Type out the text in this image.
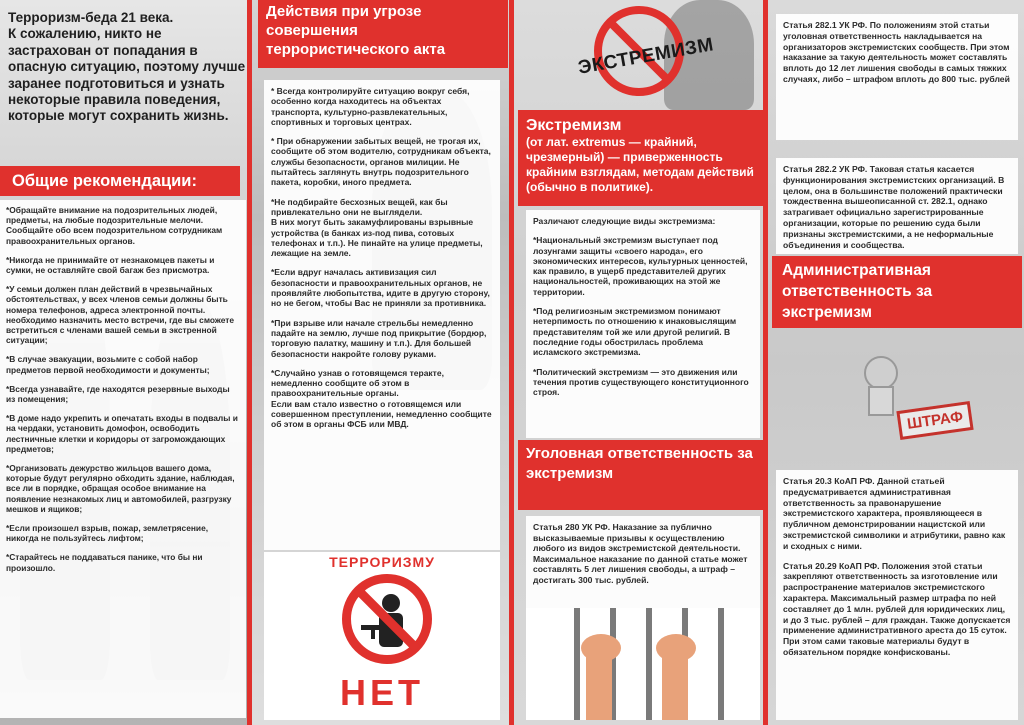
Терроризм-беда 21 века.
К сожалению, никто не застрахован от попадания в опасную ситуацию, поэтому лучше заранее подготовиться и узнать некоторые правила поведения, которые могут сохранить жизнь.
Общие рекомендации:

*Обращайте внимание на подозрительных людей, предметы, на любые подозрительные мелочи.
Сообщайте обо всем подозрительном сотрудникам правоохранительных органов.

*Никогда не принимайте от незнакомцев пакеты и сумки, не оставляйте свой багаж без присмотра.

*У семьи должен план действий в чрезвычайных обстоятельствах, у всех членов семьи должны быть номера телефонов, адреса электронной почты.
необходимо назначить место встречи, где вы сможете встретиться с членами вашей семьи в экстренной ситуации;

*В случае эвакуации, возьмите с собой набор предметов первой необходимости и документы;

*Всегда узнавайте, где находятся резервные выходы из помещения;

*В доме надо укрепить и опечатать входы в подвалы и на чердаки, установить домофон, освободить лестничные клетки и коридоры от загромождающих предметов;

*Организовать дежурство жильцов вашего дома, которые будут регулярно обходить здание, наблюдая, все ли в порядке, обращая особое внимание на появление незнакомых лиц и автомобилей, разгрузку мешков и ящиков;

*Если произошел взрыв, пожар, землетрясение, никогда не пользуйтесь лифтом;

*Старайтесь не поддаваться панике, что бы ни произошло.

Действия при угрозе совершения террористического акта

* Всегда контролируйте ситуацию вокруг себя, особенно когда находитесь на объектах транспорта, культурно-развлекательных, спортивных и торговых центрах.

* При обнаружении забытых вещей, не трогая их, сообщите об этом водителю, сотрудникам объекта, службы безопасности, органов милиции. Не пытайтесь заглянуть внутрь подозрительного пакета, коробки, иного предмета.

*Не подбирайте бесхозных вещей, как бы привлекательно они не выглядели.
В них могут быть закамуфлированы взрывные устройства (в банках из-под пива, сотовых телефонах и т.п.). Не пинайте на улице предметы, лежащие на земле.

*Если вдруг началась активизация сил безопасности и правоохранительных органов, не проявляйте любопытства, идите в другую сторону, но не бегом, чтобы Вас не приняли за противника.

*При взрыве или начале стрельбы немедленно падайте на землю, лучше под прикрытие (бордюр, торговую палатку, машину и т.п.). Для большей безопасности накройте голову руками.

*Случайно узнав о готовящемся теракте, немедленно сообщите об этом в правоохранительные органы.
Если вам стало известно о готовящемся или совершенном преступлении, немедленно сообщите об этом в органы ФСБ или МВД.

ТЕРРОРИЗМУ
НЕТ
ЭКСТРЕМИЗМ
Экстремизм
(от лат. extremus — крайний, чрезмерный) — приверженность крайним взглядам, методам действий (обычно в политике).

Различают следующие виды экстремизма:

*Национальный экстремизм выступает под лозунгами защиты «своего народа», его экономических интересов, культурных ценностей, как правило, в ущерб представителей других национальностей, проживающих на этой же территории.

*Под религиозным экстремизмом понимают нетерпимость по отношению к инаковыслящим представителям той же или другой религий. В последние годы обострилась проблема исламского экстремизма.

*Политический экстремизм — это движения или течения против существующего конституционного строя.

Уголовная ответственность за экстремизм

Статья 280 УК РФ. Наказание за публично высказываемые призывы к осуществлению любого из видов экстремистской деятельности. Максимальное наказание по данной статье может составлять 5 лет лишения свободы, а штраф – достигать 300 тыс. рублей.

Статья 282.1 УК РФ. По положениям этой статьи уголовная ответственность накладывается на организаторов экстремистских сообществ. При этом наказание за такую деятельность может составлять вплоть до 12 лет лишения свободы в самых тяжких случаях, либо – штрафом вплоть до 800 тыс. рублей

Статья 282.2 УК РФ. Таковая статья касается функционирования экстремистских организаций. В целом, она в большинстве положений практически тождественна вышеописанной ст. 282.1, однако затрагивает официально зарегистрированные организации, которые по решению суда были признаны экстремистскими, а не неформальные объединения и сообщества.

Административная ответственность за экстремизм
ШТРАФ

Статья 20.3 КоАП РФ. Данной статьей предусматривается административная ответственность за правонарушение экстремистского характера, проявляющееся в публичном демонстрировании нацистской или экстремистской символики и атрибутики, равно как и сходных с ними.

Статья 20.29 КоАП РФ. Положения этой статьи закрепляют ответственность за изготовление или распространение материалов экстремистского характера. Максимальный размер штрафа по ней составляет до 1 млн. рублей для юридических лиц, и до 3 тыс. рублей – для граждан. Также допускается применение административного ареста до 15 суток. При этом сами таковые материалы будут в обязательном порядке конфискованы.
